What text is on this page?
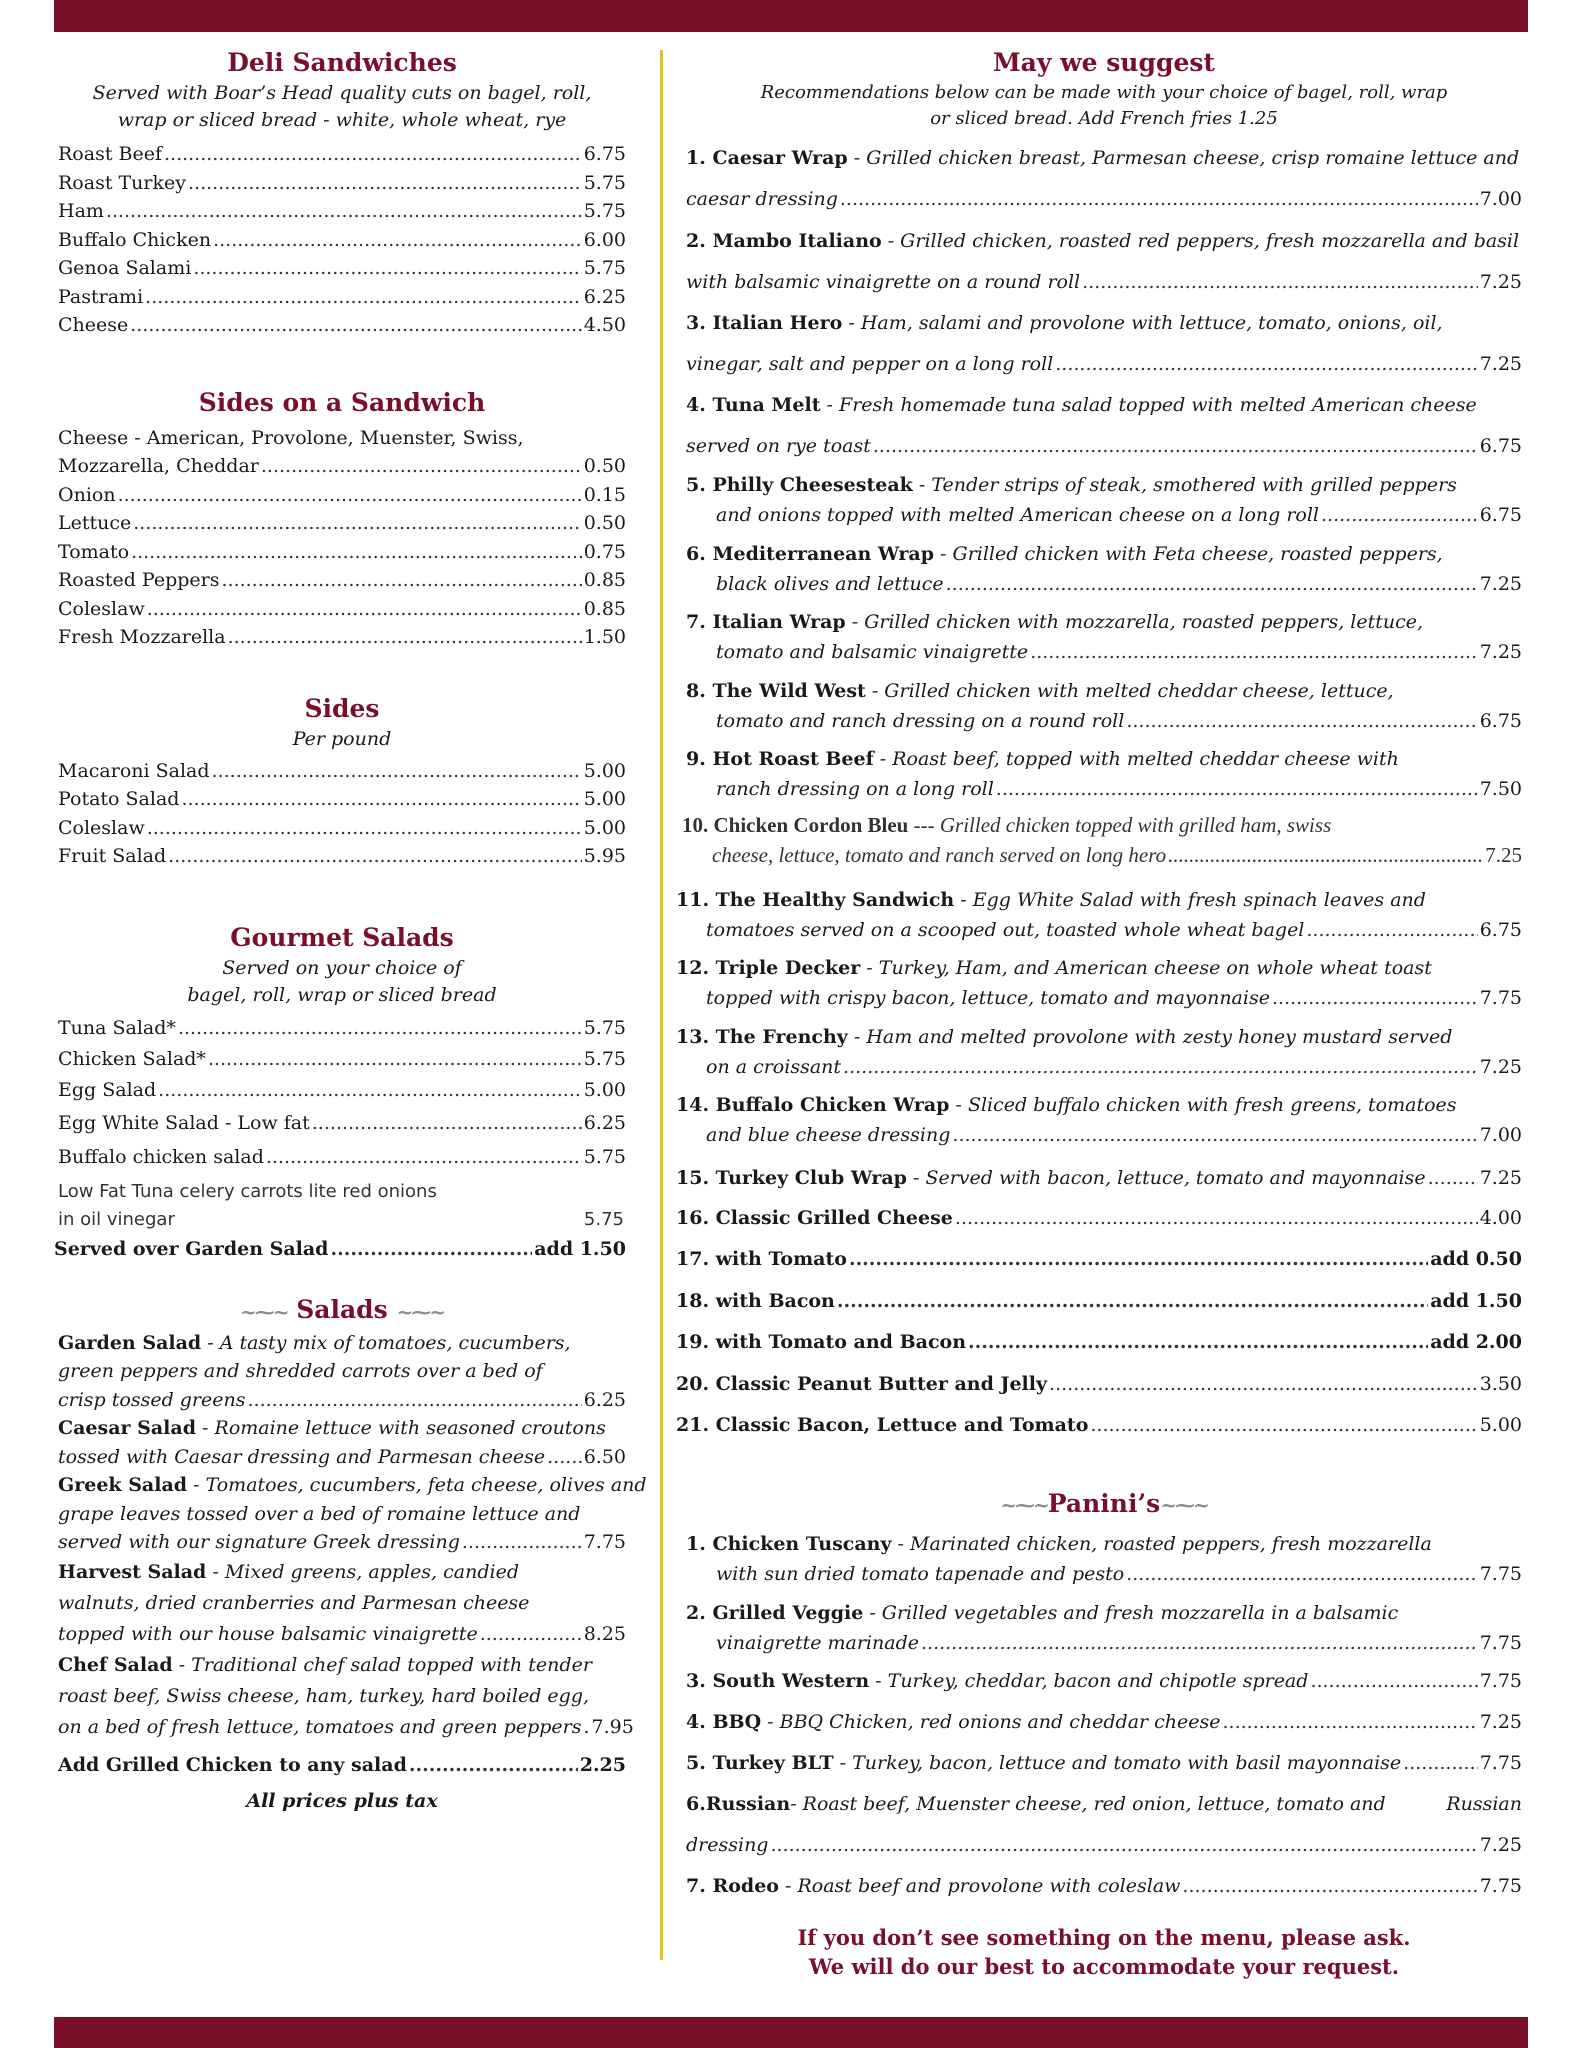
Deli Sandwiches

Served with Boar’s Head quality cuts on bagel, roll,

wrap or sliced bread - white, whole wheat, rye

Roast Beef .....	6.75
Roast Turkey .....	5.75
Ham .....	5.75
Buffalo Chicken .....	6.00
Genoa Salami .....	5.75
Pastrami .....	6.25
Cheese .....	4.50
Sides on a Sandwich
Cheese - American, Provolone, Muenster, Swiss,
Mozzarella, Cheddar .....	0.50
Onion .....	0.15
Lettuce .....	0.50
Tomato .....	0.75
Roasted Peppers .....	0.85
Coleslaw .....	0.85
Fresh Mozzarella .....	1.50
Sides

Per pound

Macaroni Salad .....	5.00
Potato Salad .....	5.00
Coleslaw .....	5.00
Fruit Salad .....	5.95
Gourmet Salads

Served on your choice of

bagel, roll, wrap or sliced bread

Tuna Salad* .....	5.75
Chicken Salad* .....	5.75
Egg Salad .....	5.00
Egg White Salad - Low fat .....	6.25
Buffalo chicken salad .....	5.75
Low Fat Tuna celery carrots lite red onions
in oil vinegar	5.75
Served over Garden Salad .....	add 1.50
~⁓~ Salads ~⁓~
Garden Salad - A tasty mix of tomatoes, cucumbers,
green peppers and shredded carrots over a bed of
crisp tossed greens .....	6.25
Caesar Salad - Romaine lettuce with seasoned croutons
tossed with Caesar dressing and Parmesan cheese ..... 6.50
Greek Salad - Tomatoes, cucumbers, feta cheese, olives and
grape leaves tossed over a bed of romaine lettuce and
served with our signature Greek dressing .....	7.75
Harvest Salad - Mixed greens, apples, candied
walnuts, dried cranberries and Parmesan cheese
topped with our house balsamic vinaigrette .....	8.25
Chef Salad - Traditional chef salad topped with tender
roast beef, Swiss cheese, ham, turkey, hard boiled egg,
on a bed of fresh lettuce, tomatoes and green peppers . 7.95
Add Grilled Chicken to any salad .....	2.25

All prices plus tax

May we suggest

Recommendations below can be made with your choice of bagel, roll, wrap

or sliced bread. Add French fries 1.25

1. Caesar Wrap - Grilled chicken breast, Parmesan cheese, crisp romaine lettuce and
caesar dressing .....	7.00
2. Mambo Italiano - Grilled chicken, roasted red peppers, fresh mozzarella and basil
with balsamic vinaigrette on a round roll .....	7.25
3. Italian Hero - Ham, salami and provolone with lettuce, tomato, onions, oil,
vinegar, salt and pepper on a long roll .....	7.25
4. Tuna Melt - Fresh homemade tuna salad topped with melted American cheese
served on rye toast .....	6.75
5. Philly Cheesesteak - Tender strips of steak, smothered with grilled peppers
and onions topped with melted American cheese on a long roll .....	6.75
6. Mediterranean Wrap - Grilled chicken with Feta cheese, roasted peppers,
black olives and lettuce .....	7.25
7. Italian Wrap - Grilled chicken with mozzarella, roasted peppers, lettuce,
tomato and balsamic vinaigrette .....	7.25
8. The Wild West - Grilled chicken with melted cheddar cheese, lettuce,
tomato and ranch dressing on a round roll .....	6.75
9. Hot Roast Beef - Roast beef, topped with melted cheddar cheese with
ranch dressing on a long roll .....	7.50
10. Chicken Cordon Bleu --- Grilled chicken topped with grilled ham, swiss
cheese, lettuce, tomato and ranch served on long hero .....	7.25
11. The Healthy Sandwich - Egg White Salad with fresh spinach leaves and
tomatoes served on a scooped out, toasted whole wheat bagel .....	6.75
12. Triple Decker - Turkey, Ham, and American cheese on whole wheat toast
topped with crispy bacon, lettuce, tomato and mayonnaise .....	7.75
13. The Frenchy - Ham and melted provolone with zesty honey mustard served
on a croissant .....	7.25
14. Buffalo Chicken Wrap - Sliced buffalo chicken with fresh greens, tomatoes
and blue cheese dressing .....	7.00
15. Turkey Club Wrap - Served with bacon, lettuce, tomato and mayonnaise .....	7.25
16. Classic Grilled Cheese .....	4.00
17. with Tomato .....	add 0.50
18. with Bacon .....	add 1.50
19. with Tomato and Bacon .....	add 2.00
20. Classic Peanut Butter and Jelly .....	3.50
21. Classic Bacon, Lettuce and Tomato .....	5.00
~⁓~Panini’s~⁓~
1. Chicken Tuscany - Marinated chicken, roasted peppers, fresh mozzarella
with sun dried tomato tapenade and pesto .....	7.75
2. Grilled Veggie - Grilled vegetables and fresh mozzarella in a balsamic
vinaigrette marinade .....	7.75
3. South Western - Turkey, cheddar, bacon and chipotle spread .....	7.75
4. BBQ - BBQ Chicken, red onions and cheddar cheese .....	7.25
5. Turkey BLT - Turkey, bacon, lettuce and tomato with basil mayonnaise .....	7.75
6. Russian - Roast beef, Muenster cheese, red onion, lettuce, tomato and	Russian
dressing .....	7.25
7. Rodeo - Roast beef and provolone with coleslaw .....	7.75

If you don’t see something on the menu, please ask.

We will do our best to accommodate your request.
